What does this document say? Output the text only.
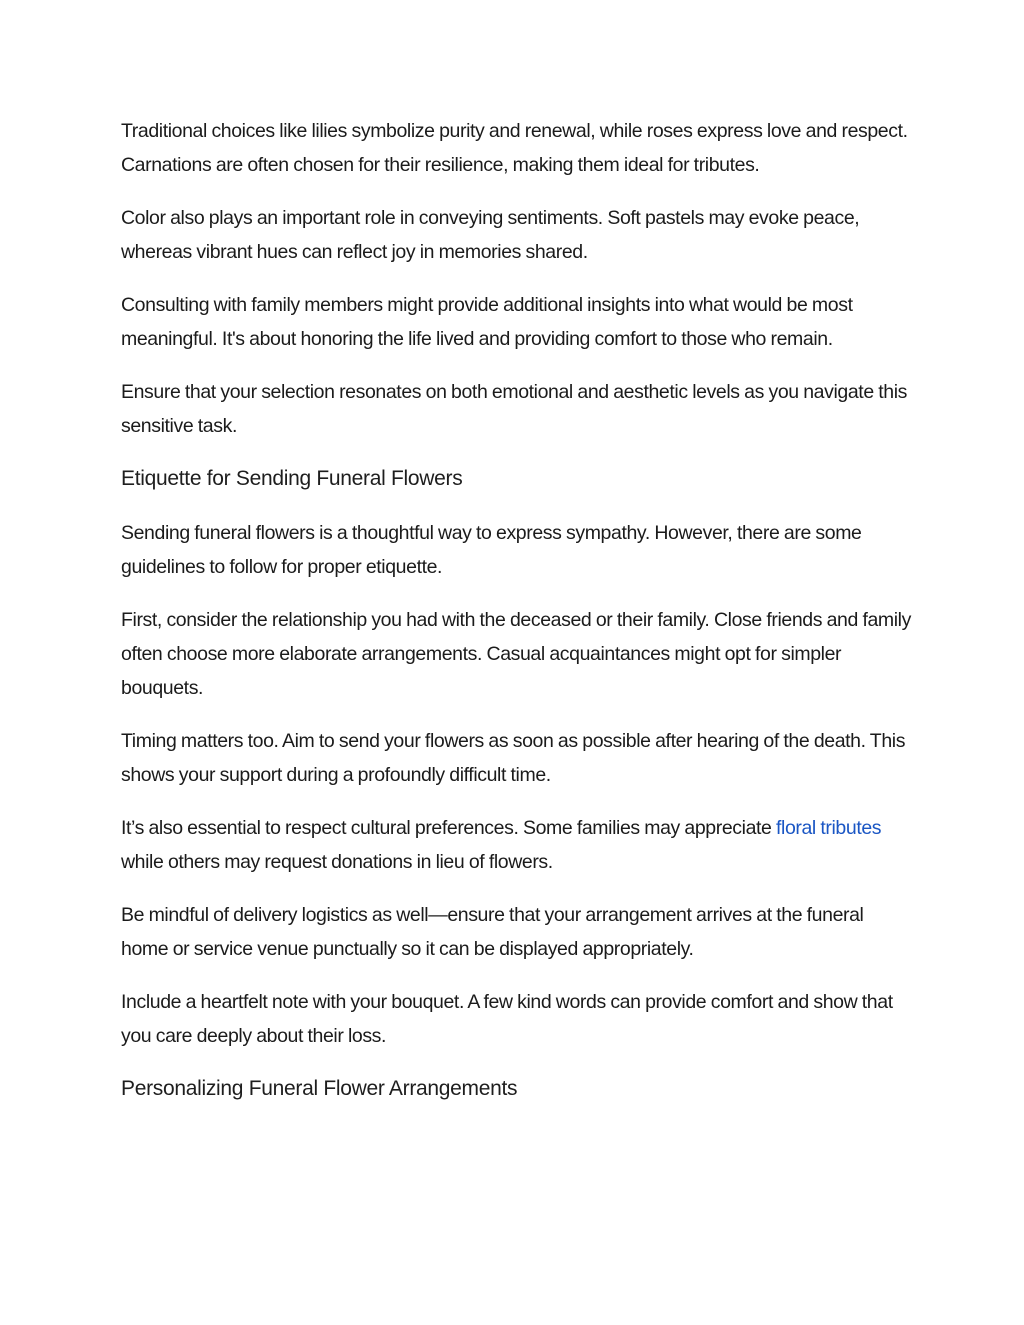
Traditional choices like lilies symbolize purity and renewal, while roses express love and respect. Carnations are often chosen for their resilience, making them ideal for tributes.

Color also plays an important role in conveying sentiments. Soft pastels may evoke peace, whereas vibrant hues can reflect joy in memories shared.

Consulting with family members might provide additional insights into what would be most meaningful. It's about honoring the life lived and providing comfort to those who remain.

Ensure that your selection resonates on both emotional and aesthetic levels as you navigate this sensitive task.

Etiquette for Sending Funeral Flowers

Sending funeral flowers is a thoughtful way to express sympathy. However, there are some guidelines to follow for proper etiquette.

First, consider the relationship you had with the deceased or their family. Close friends and family often choose more elaborate arrangements. Casual acquaintances might opt for simpler bouquets.

Timing matters too. Aim to send your flowers as soon as possible after hearing of the death. This shows your support during a profoundly difficult time.

It’s also essential to respect cultural preferences. Some families may appreciate floral tributes while others may request donations in lieu of flowers.

Be mindful of delivery logistics as well—ensure that your arrangement arrives at the funeral home or service venue punctually so it can be displayed appropriately.

Include a heartfelt note with your bouquet. A few kind words can provide comfort and show that you care deeply about their loss.

Personalizing Funeral Flower Arrangements
